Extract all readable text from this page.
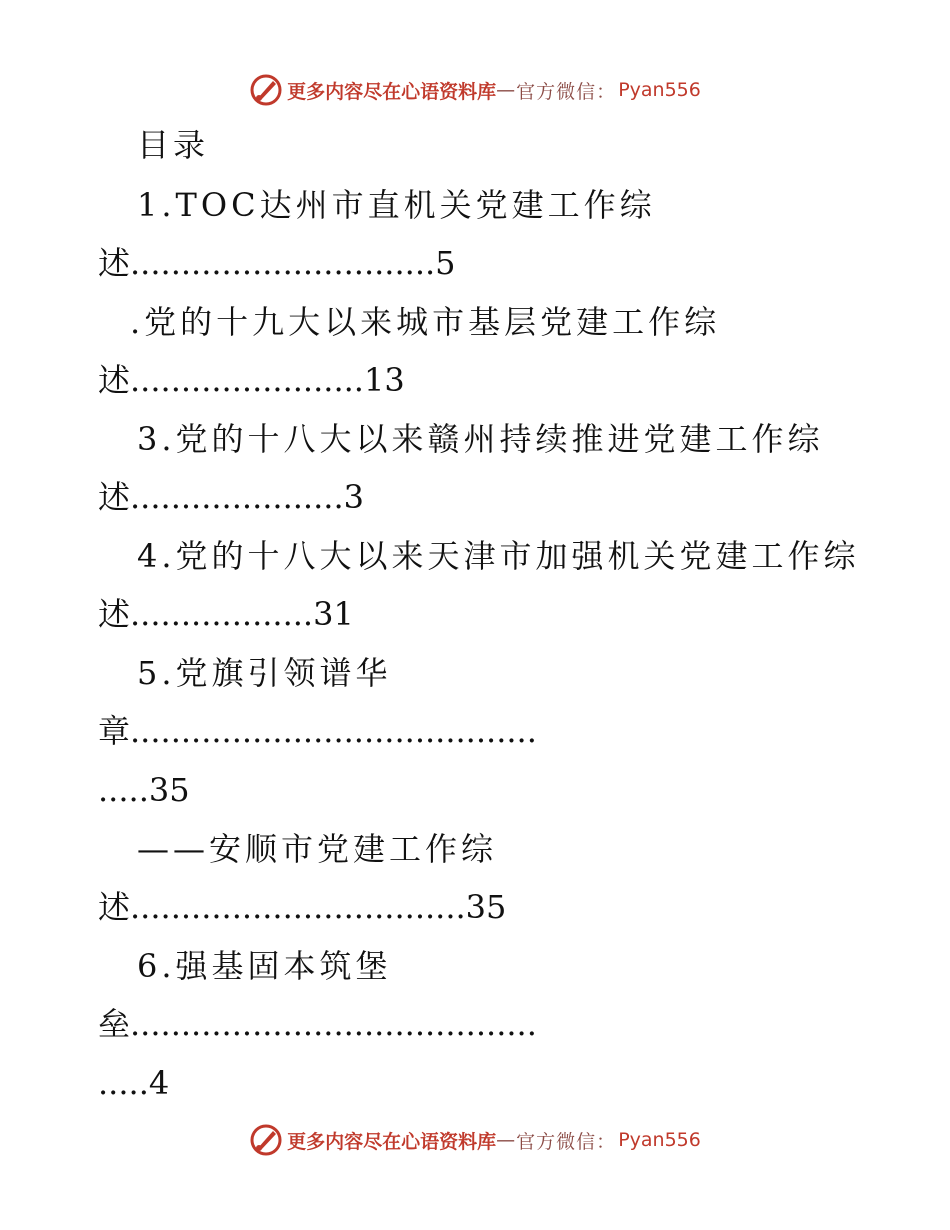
更多内容尽在心语资料库 — 官方微信： Pyan556
目录
1.TOC达州市直机关党建工作综
述..............................5
.党的十九大以来城市基层党建工作综
述.......................13
3.党的十八大以来赣州持续推进党建工作综
述.....................3
4.党的十八大以来天津市加强机关党建工作综
述..................31
5.党旗引领谱华
章........................................
.....35
——安顺市党建工作综
述.................................35
6.强基固本筑堡
垒........................................
.....4
更多内容尽在心语资料库 — 官方微信： Pyan556
